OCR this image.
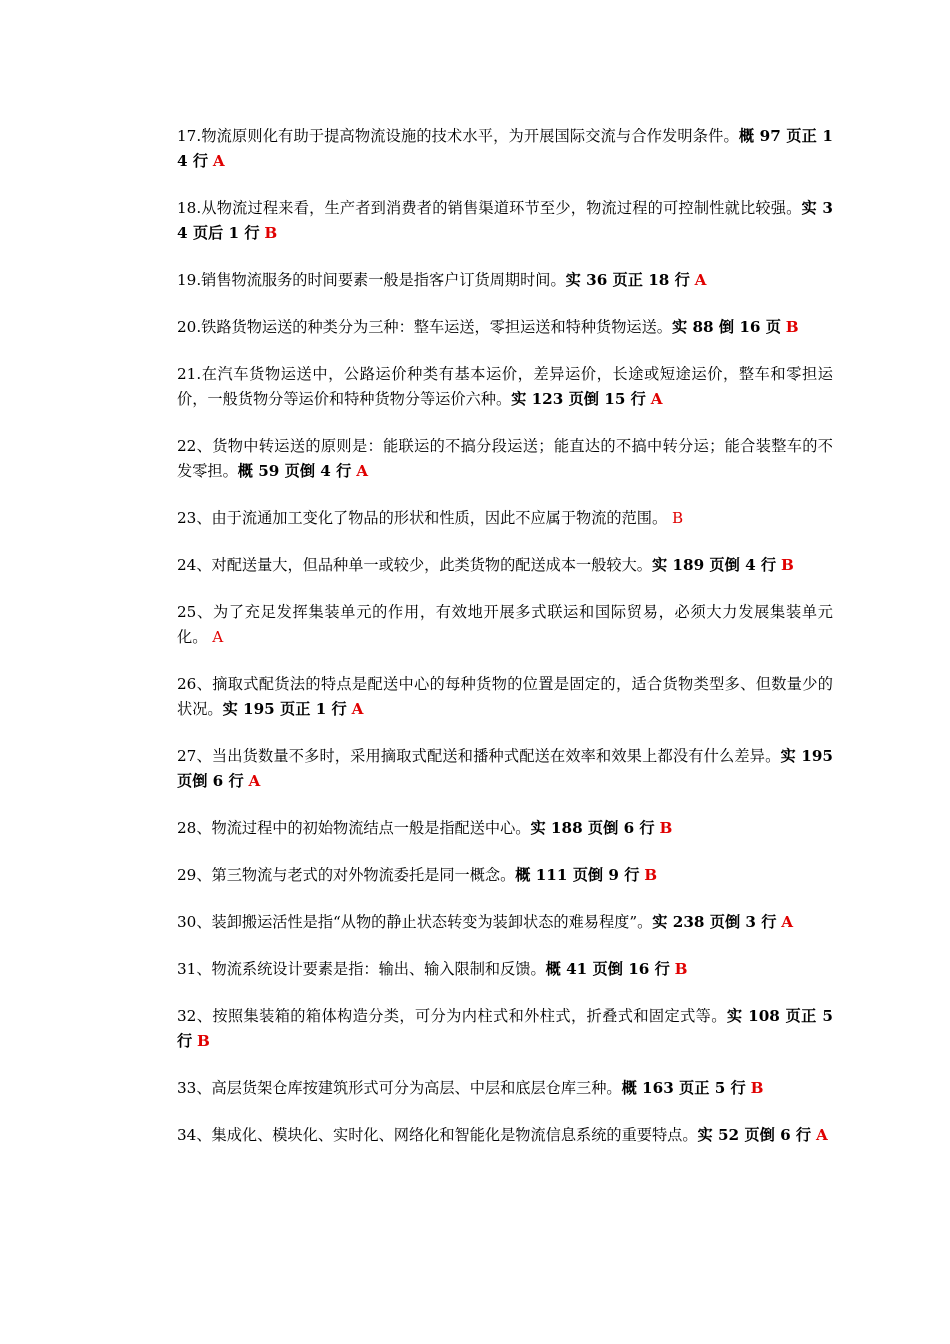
17.物流原则化有助于提高物流设施的技术水平，为开展国际交流与合作发明条件。概 97 页正 14 行 A

18.从物流过程来看，生产者到消费者的销售渠道环节至少，物流过程的可控制性就比较强。实 34 页后 1 行 B

19.销售物流服务的时间要素一般是指客户订货周期时间。实 36 页正 18 行 A

20.铁路货物运送的种类分为三种：整车运送，零担运送和特种货物运送。实 88 倒 16 页 B

21.在汽车货物运送中，公路运价种类有基本运价，差异运价，长途或短途运价，整车和零担运价，一般货物分等运价和特种货物分等运价六种。实 123 页倒 15 行 A

22、货物中转运送的原则是：能联运的不搞分段运送；能直达的不搞中转分运；能合装整车的不发零担。概 59 页倒 4 行 A

23、由于流通加工变化了物品的形状和性质，因此不应属于物流的范围。 B

24、对配送量大，但品种单一或较少，此类货物的配送成本一般较大。实 189 页倒 4 行 B

25、为了充足发挥集装单元的作用，有效地开展多式联运和国际贸易，必须大力发展集装单元化。 A

26、摘取式配货法的特点是配送中心的每种货物的位置是固定的，适合货物类型多、但数量少的状况。实 195 页正 1 行 A

27、当出货数量不多时，采用摘取式配送和播种式配送在效率和效果上都没有什么差异。实 195 页倒 6 行 A

28、物流过程中的初始物流结点一般是指配送中心。实 188 页倒 6 行 B

29、第三物流与老式的对外物流委托是同一概念。概 111 页倒 9 行 B

30、装卸搬运活性是指“从物的静止状态转变为装卸状态的难易程度”。实 238 页倒 3 行 A

31、物流系统设计要素是指：输出、输入限制和反馈。概 41 页倒 16 行 B

32、按照集装箱的箱体构造分类，可分为内柱式和外柱式，折叠式和固定式等。实 108 页正 5 行 B

33、高层货架仓库按建筑形式可分为高层、中层和底层仓库三种。概 163 页正 5 行 B

34、集成化、模块化、实时化、网络化和智能化是物流信息系统的重要特点。实 52 页倒 6 行 A
